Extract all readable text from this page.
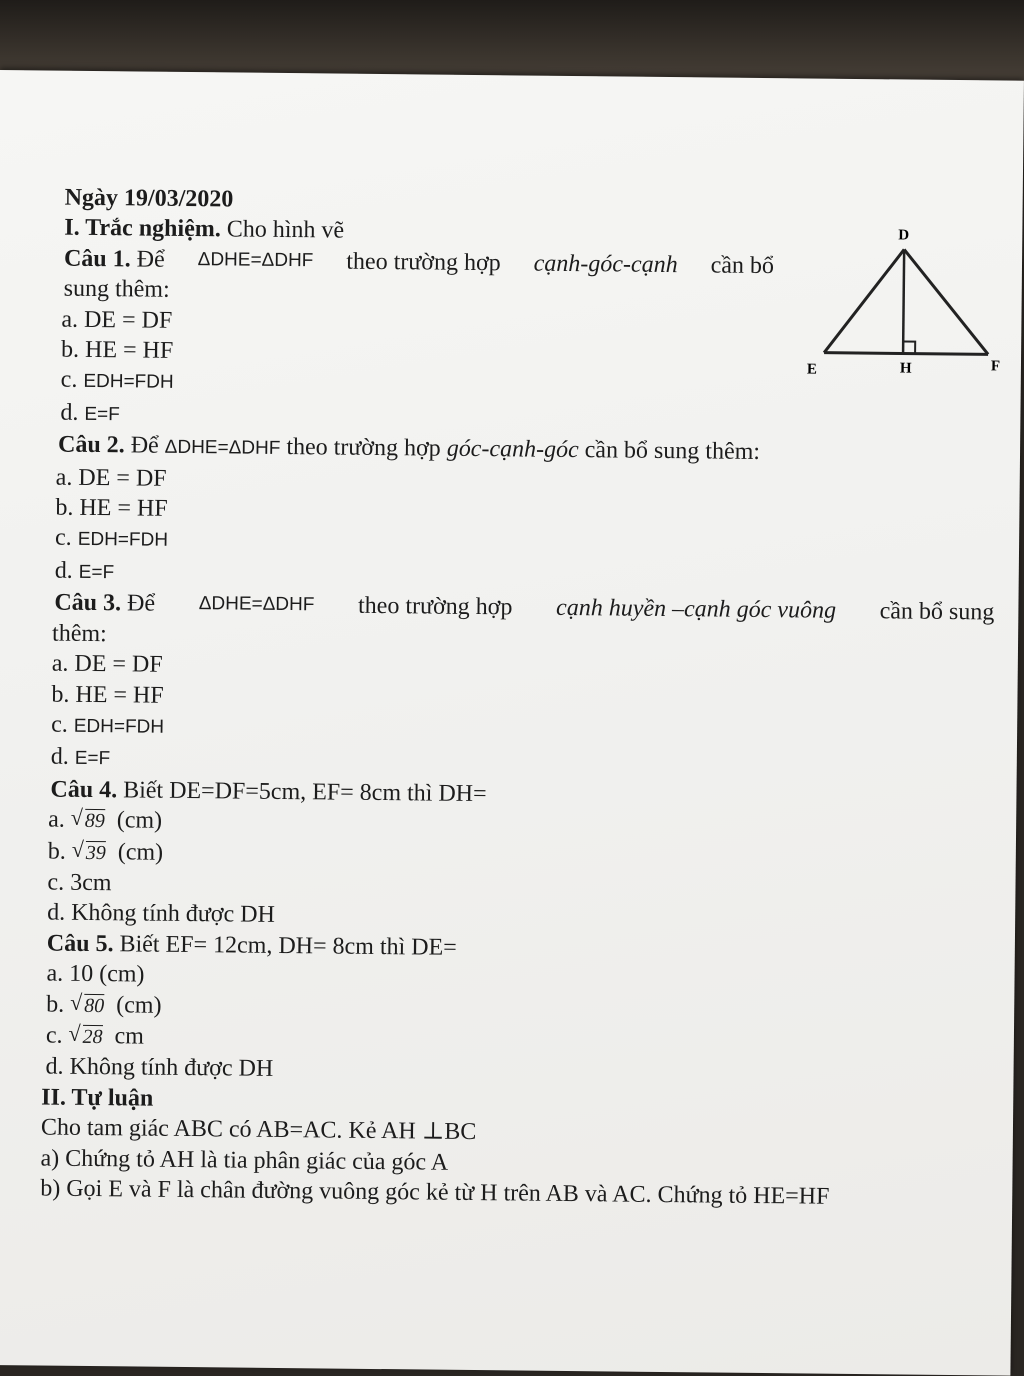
D
E	H	F
Ngày 19/03/2020
I. Trắc nghiệm. Cho hình vẽ
Câu 1. Để ΔDHE=ΔDHF theo trường hợp cạnh-góc-cạnh cần bổ
sung thêm:
a. DE = DF
b. HE = HF
c. EDH=FDH
d. E=F
Câu 2. Để ΔDHE=ΔDHF theo trường hợp góc-cạnh-góc cần bổ sung thêm:
a. DE = DF
b. HE = HF
c. EDH=FDH
d. E=F
Câu 3. Để ΔDHE=ΔDHF theo trường hợp cạnh huyền –cạnh góc vuông cần bổ sung
thêm:
a. DE = DF
b. HE = HF
c. EDH=FDH
d. E=F
Câu 4. Biết DE=DF=5cm, EF= 8cm thì DH=
a. √ 89 (cm)
b. √ 39 (cm)
c. 3cm
d. Không tính được DH
Câu 5. Biết EF= 12cm, DH= 8cm thì DE=
a. 10 (cm)
b. √ 80 (cm)
c. √ 28 cm
d. Không tính được DH
II. Tự luận
Cho tam giác ABC có AB=AC. Kẻ AH ⊥BC
a) Chứng tỏ AH là tia phân giác của góc A
b) Gọi E và F là chân đường vuông góc kẻ từ H trên AB và AC. Chứng tỏ HE=HF
